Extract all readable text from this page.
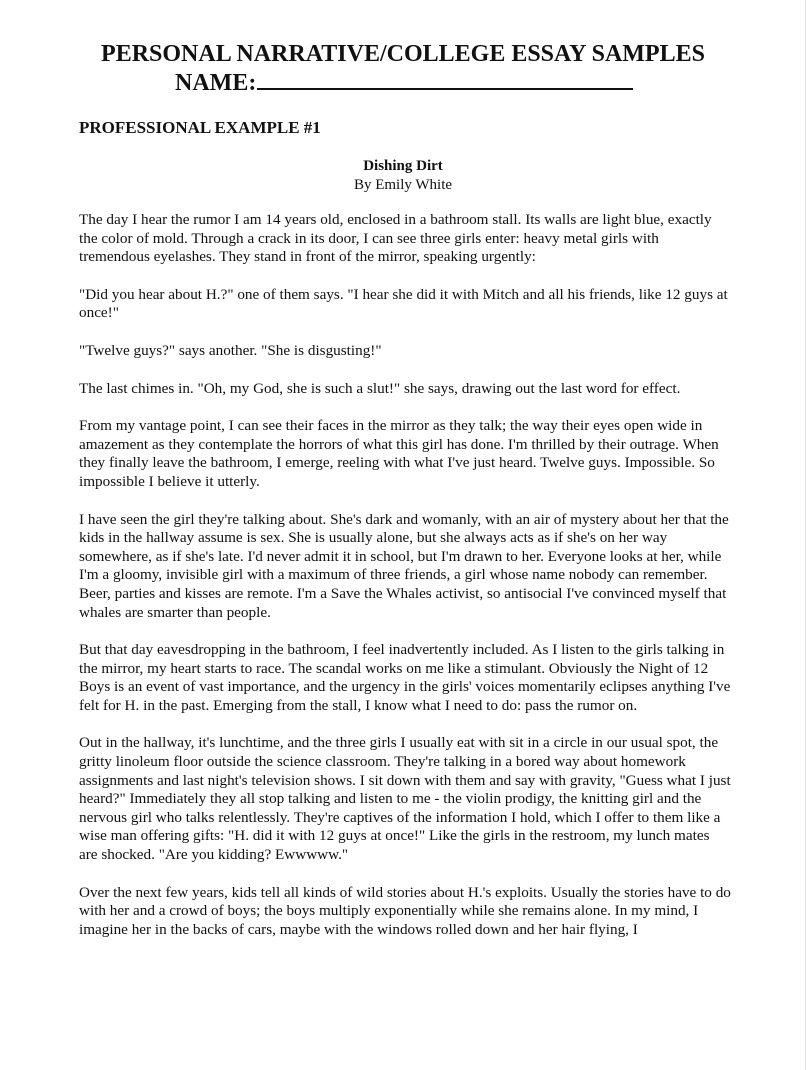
PERSONAL NARRATIVE/COLLEGE ESSAY SAMPLES
NAME:
PROFESSIONAL EXAMPLE #1
Dishing Dirt
By Emily White

The day I hear the rumor I am 14 years old, enclosed in a bathroom stall. Its walls are light blue, exactly the color of mold. Through a crack in its door, I can see three girls enter: heavy metal girls with tremendous eyelashes. They stand in front of the mirror, speaking urgently:

"Did you hear about H.?" one of them says. "I hear she did it with Mitch and all his friends, like 12 guys at once!"

"Twelve guys?" says another. "She is disgusting!"

The last chimes in. "Oh, my God, she is such a slut!" she says, drawing out the last word for effect.

From my vantage point, I can see their faces in the mirror as they talk; the way their eyes open wide in amazement as they contemplate the horrors of what this girl has done. I'm thrilled by their outrage. When they finally leave the bathroom, I emerge, reeling with what I've just heard. Twelve guys. Impossible. So impossible I believe it utterly.

I have seen the girl they're talking about. She's dark and womanly, with an air of mystery about her that the kids in the hallway assume is sex. She is usually alone, but she always acts as if she's on her way somewhere, as if she's late. I'd never admit it in school, but I'm drawn to her. Everyone looks at her, while I'm a gloomy, invisible girl with a maximum of three friends, a girl whose name nobody can remember. Beer, parties and kisses are remote. I'm a Save the Whales activist, so antisocial I've convinced myself that whales are smarter than people.

But that day eavesdropping in the bathroom, I feel inadvertently included. As I listen to the girls talking in the mirror, my heart starts to race. The scandal works on me like a stimulant. Obviously the Night of 12 Boys is an event of vast importance, and the urgency in the girls' voices momentarily eclipses anything I've felt for H. in the past. Emerging from the stall, I know what I need to do: pass the rumor on.

Out in the hallway, it's lunchtime, and the three girls I usually eat with sit in a circle in our usual spot, the gritty linoleum floor outside the science classroom. They're talking in a bored way about homework assignments and last night's television shows. I sit down with them and say with gravity, "Guess what I just heard?" Immediately they all stop talking and listen to me - the violin prodigy, the knitting girl and the nervous girl who talks relentlessly. They're captives of the information I hold, which I offer to them like a wise man offering gifts: "H. did it with 12 guys at once!" Like the girls in the restroom, my lunch mates are shocked. "Are you kidding? Ewwwww."

Over the next few years, kids tell all kinds of wild stories about H.'s exploits. Usually the stories have to do with her and a crowd of boys; the boys multiply exponentially while she remains alone. In my mind, I imagine her in the backs of cars, maybe with the windows rolled down and her hair flying, I
